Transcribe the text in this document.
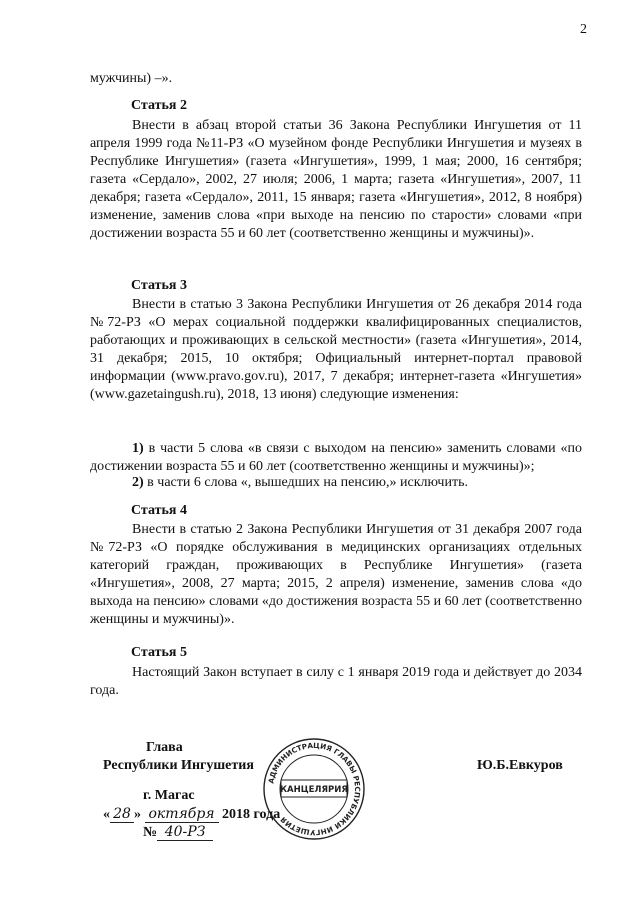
2
мужчины) –».
Статья 2
Внести в абзац второй статьи 36 Закона Республики Ингушетия от 11 апреля 1999 года №11-РЗ «О музейном фонде Республики Ингушетия и музеях в Республике Ингушетия» (газета «Ингушетия», 1999, 1 мая; 2000, 16 сентября; газета «Сердало», 2002, 27 июля; 2006, 1 марта; газета «Ингушетия», 2007, 11 декабря; газета «Сердало», 2011, 15 января; газета «Ингушетия», 2012, 8 ноября) изменение, заменив слова «при выходе на пенсию по старости» словами «при достижении возраста 55 и 60 лет (соответственно женщины и мужчины)».
Статья 3
Внести в статью 3 Закона Республики Ингушетия от 26 декабря 2014 года №72-РЗ «О мерах социальной поддержки квалифицированных специалистов, работающих и проживающих в сельской местности» (газета «Ингушетия», 2014, 31 декабря; 2015, 10 октября; Официальный интернет-портал правовой информации (www.pravo.gov.ru), 2017, 7 декабря; интернет-газета «Ингушетия» (www.gazetaingush.ru), 2018, 13 июня) следующие изменения:
1) в части 5 слова «в связи с выходом на пенсию» заменить словами «по достижении возраста 55 и 60 лет (соответственно женщины и мужчины)»;
2) в части 6 слова «, вышедших на пенсию,» исключить.
Статья 4
Внести в статью 2 Закона Республики Ингушетия от 31 декабря 2007 года №72-РЗ «О порядке обслуживания в медицинских организациях отдельных категорий граждан, проживающих в Республике Ингушетия» (газета «Ингушетия», 2008, 27 марта; 2015, 2 апреля) изменение, заменив слова «до выхода на пенсию» словами «до достижения возраста 55 и 60 лет (соответственно женщины и мужчины)».
Статья 5
Настоящий Закон вступает в силу с 1 января 2019 года и действует до 2034 года.
Глава
Республики Ингушетия	Ю.Б.Евкуров
г. Магас
« 28 » октября 2018 года
№ 40-РЗ
АДМИНИСТРАЦИЯ ГЛАВЫ РЕСПУБЛИКИ ИНГУШЕТИЯ
КАНЦЕЛЯРИЯ
